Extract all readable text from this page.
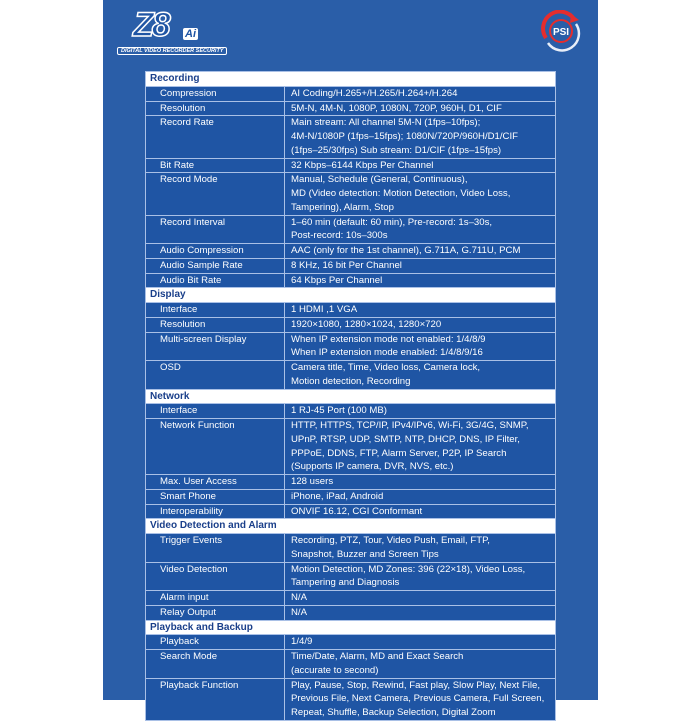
Z8 Ai
DIGITAL VIDEO RECORDER SECURITY
PSI
Recording	
Compression	AI Coding/H.265+/H.265/H.264+/H.264

Resolution	5M-N, 4M-N, 1080P, 1080N, 720P, 960H, D1, CIF

Record Rate	Main stream: All channel 5M-N (1fps–10fps);
4M-N/1080P (1fps–15fps); 1080N/720P/960H/D1/CIF
(1fps–25/30fps) Sub stream: D1/CIF (1fps–15fps)

Bit Rate	32 Kbps–6144 Kbps Per Channel

Record Mode	Manual, Schedule (General, Continuous),
MD (Video detection: Motion Detection, Video Loss,
Tampering), Alarm, Stop

Record Interval	1–60 min (default: 60 min), Pre-record: 1s–30s,
Post-record: 10s–300s

Audio Compression	AAC (only for the 1st channel), G.711A, G.711U, PCM

Audio Sample Rate	8 KHz, 16 bit Per Channel

Audio Bit Rate	64 Kbps Per Channel

Display	
Interface	1 HDMI ,1 VGA

Resolution	1920×1080, 1280×1024, 1280×720

Multi-screen Display	When IP extension mode not enabled: 1/4/8/9
When IP extension mode enabled: 1/4/8/9/16

OSD	Camera title, Time, Video loss, Camera lock,
Motion detection, Recording

Network	
Interface	1 RJ-45 Port (100 MB)

Network Function	HTTP, HTTPS, TCP/IP, IPv4/IPv6, Wi-Fi, 3G/4G, SNMP,
UPnP, RTSP, UDP, SMTP, NTP, DHCP, DNS, IP Filter,
PPPoE, DDNS, FTP, Alarm Server, P2P, IP Search
(Supports IP camera, DVR, NVS, etc.)

Max. User Access	128 users

Smart Phone	iPhone, iPad, Android

Interoperability	ONVIF 16.12, CGI Conformant

Video Detection and Alarm	
Trigger Events	Recording, PTZ, Tour, Video Push, Email, FTP,
Snapshot, Buzzer and Screen Tips

Video Detection	Motion Detection, MD Zones: 396 (22×18), Video Loss,
Tampering and Diagnosis

Alarm input	N/A

Relay Output	N/A

Playback and Backup	
Playback	1/4/9

Search Mode	Time/Date, Alarm, MD and Exact Search
(accurate to second)

Playback Function	Play, Pause, Stop, Rewind, Fast play, Slow Play, Next File,
Previous File, Next Camera, Previous Camera, Full Screen,
Repeat, Shuffle, Backup Selection, Digital Zoom
